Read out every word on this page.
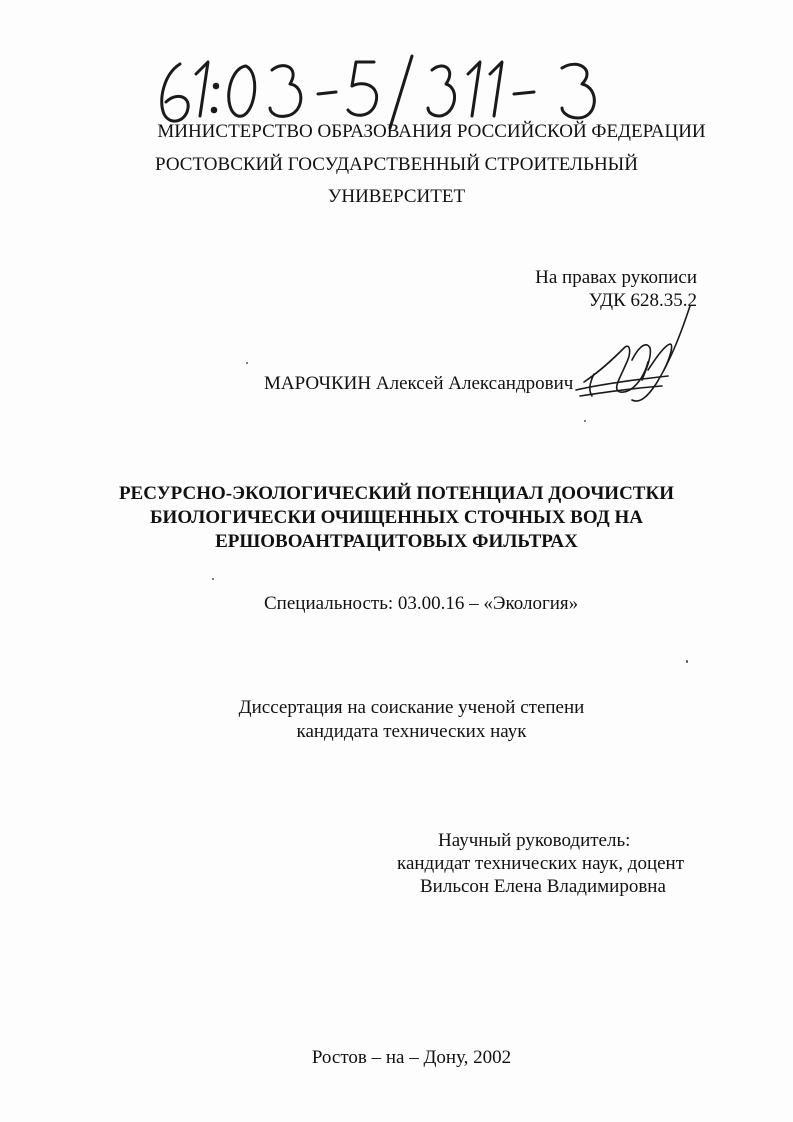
МИНИСТЕРСТВО ОБРАЗОВАНИЯ РОССИЙСКОЙ ФЕДЕРАЦИИ
РОСТОВСКИЙ ГОСУДАРСТВЕННЫЙ СТРОИТЕЛЬНЫЙ
УНИВЕРСИТЕТ
На правах рукописи
УДК 628.35.2
МАРОЧКИН Алексей Александрович
РЕСУРСНО-ЭКОЛОГИЧЕСКИЙ ПОТЕНЦИАЛ ДООЧИСТКИ
БИОЛОГИЧЕСКИ ОЧИЩЕННЫХ СТОЧНЫХ ВОД НА
ЕРШОВОАНТРАЦИТОВЫХ ФИЛЬТРАХ
Специальность: 03.00.16 – «Экология»
Диссертация на соискание ученой степени
кандидата технических наук
Научный руководитель:
кандидат технических наук, доцент
Вильсон Елена Владимировна
Ростов – на – Дону, 2002
